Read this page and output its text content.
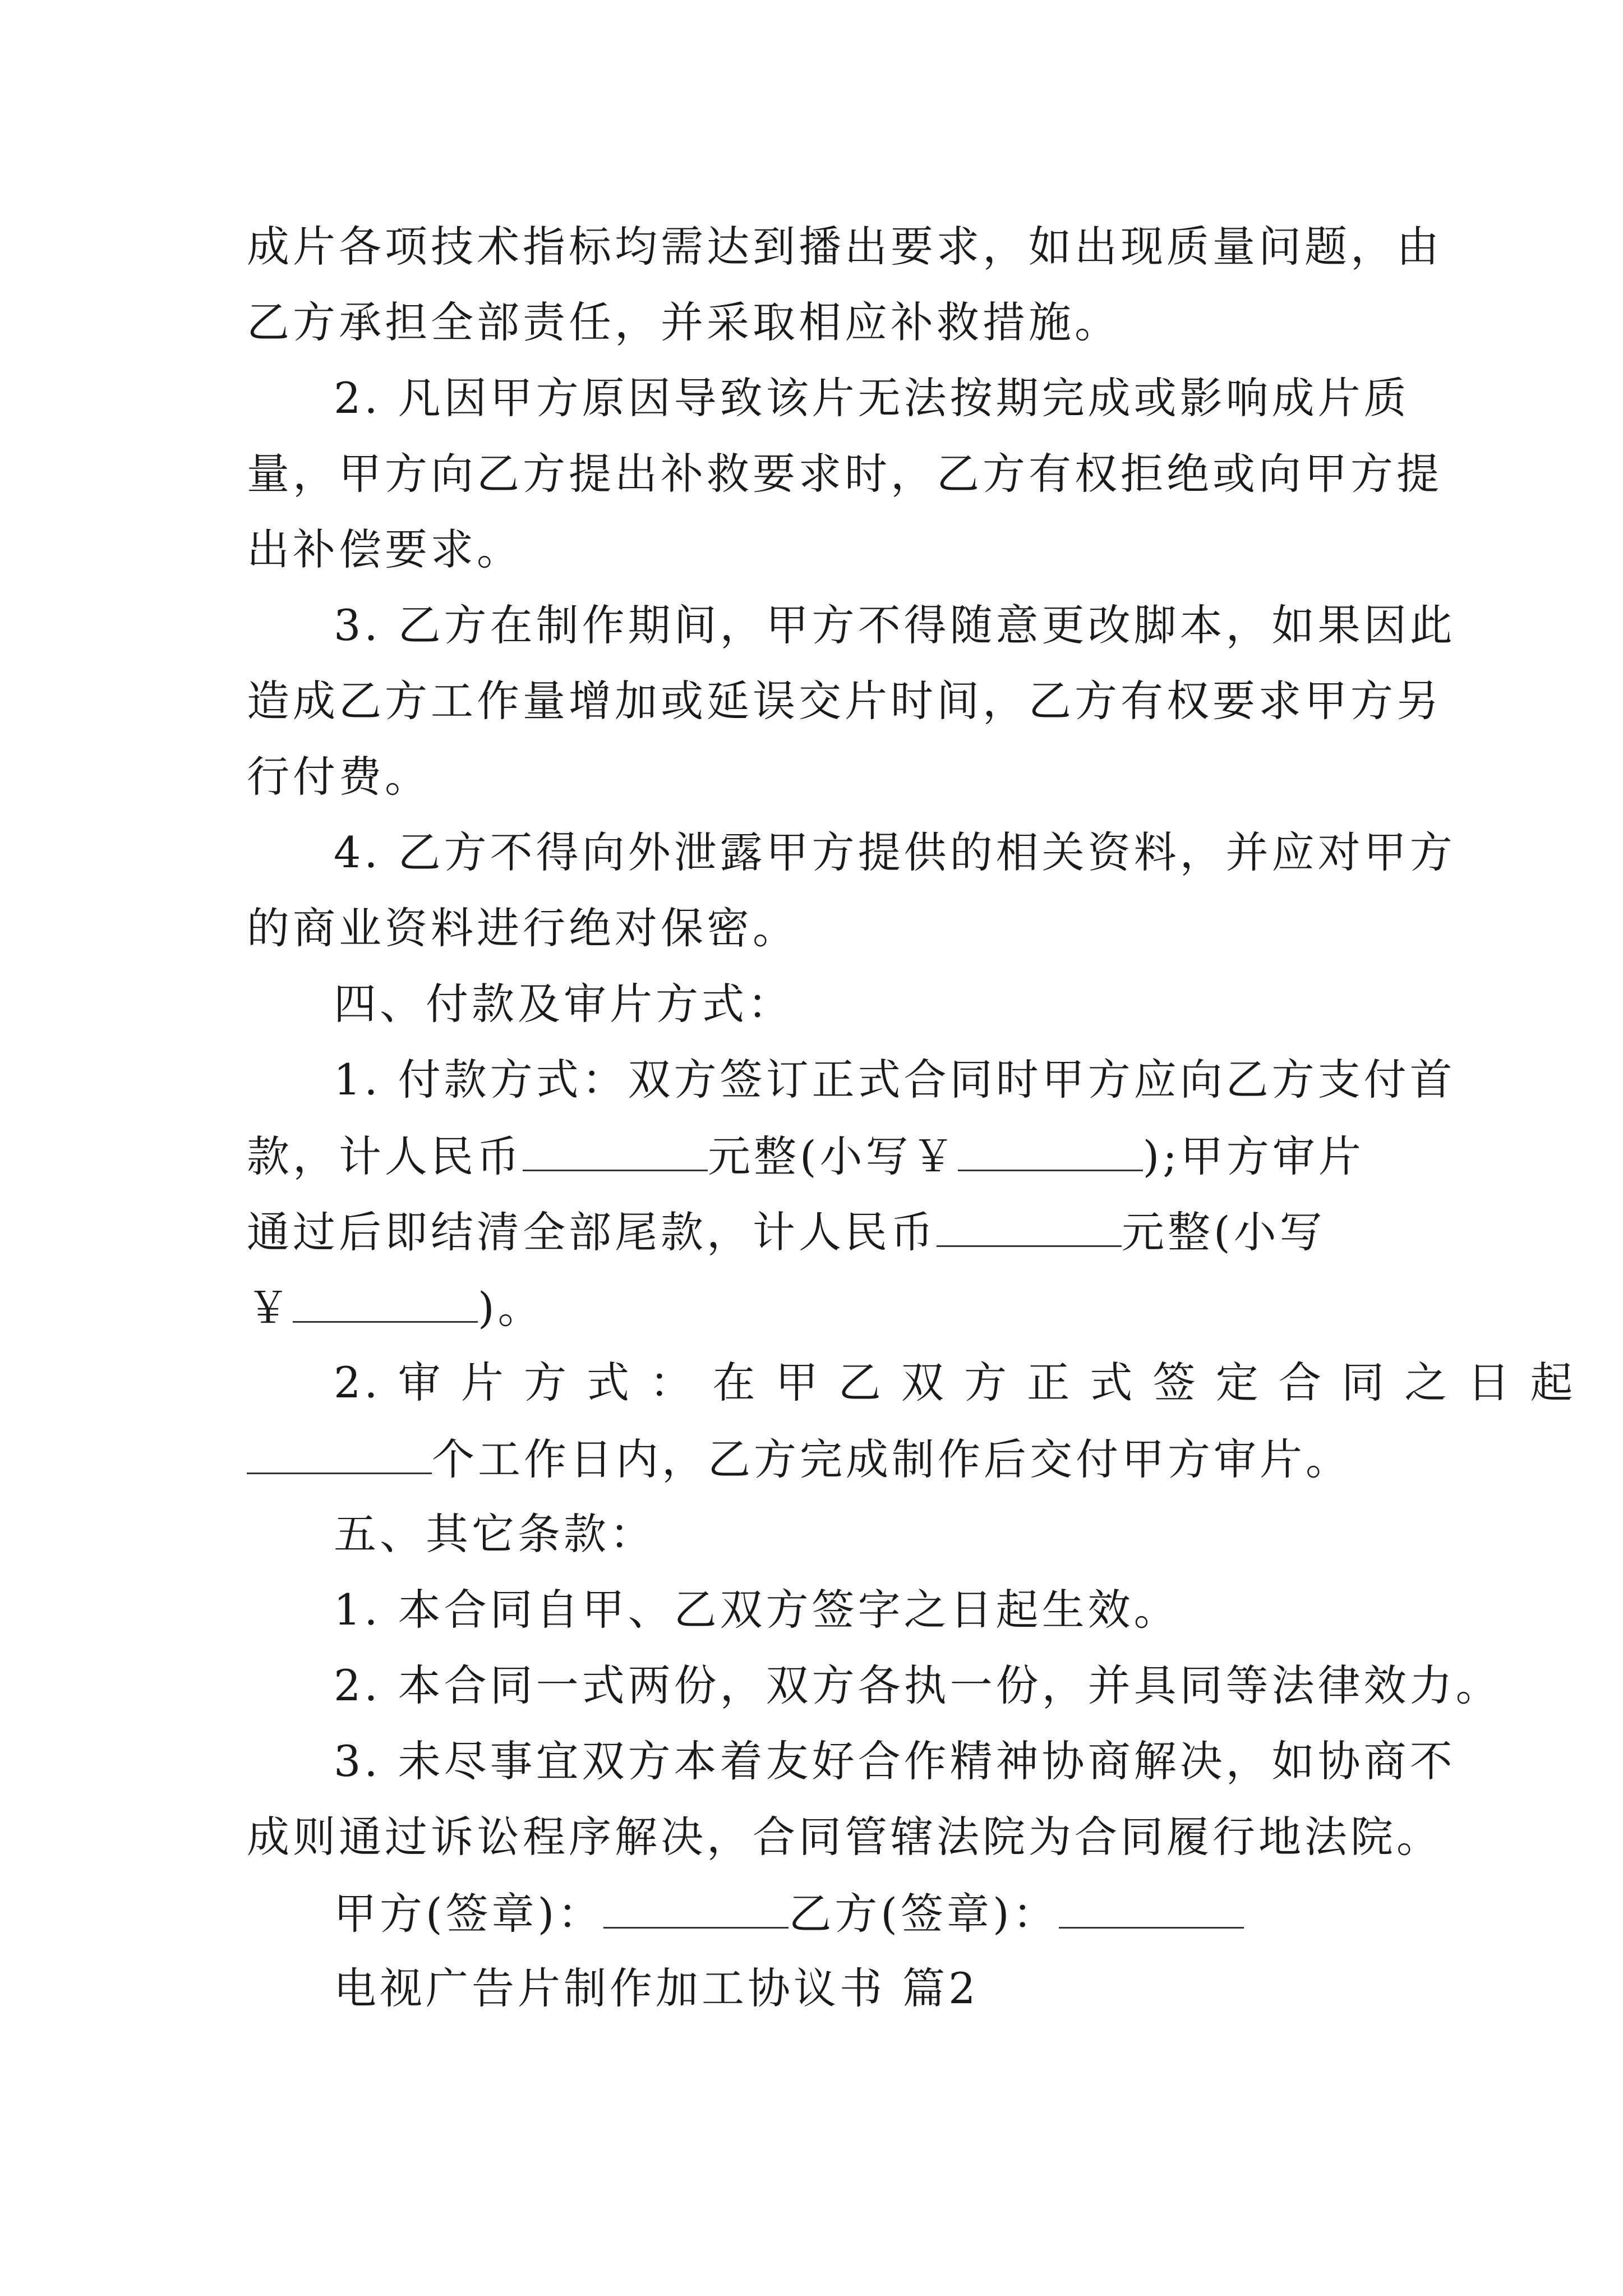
成片各项技术指标均需达到播出要求，如出现质量问题，由
乙方承担全部责任，并采取相应补救措施。
2. 凡因甲方原因导致该片无法按期完成或影响成片质
量，甲方向乙方提出补救要求时，乙方有权拒绝或向甲方提
出补偿要求。
3. 乙方在制作期间，甲方不得随意更改脚本，如果因此
造成乙方工作量增加或延误交片时间，乙方有权要求甲方另
行付费。
4. 乙方不得向外泄露甲方提供的相关资料，并应对甲方
的商业资料进行绝对保密。
四、付款及审片方式：
1. 付款方式：双方签订正式合同时甲方应向乙方支付首
款，计人民币	元整(小写￥	);甲方审片
通过后即结清全部尾款，计人民币	元整(小写
￥	)。
2. 审 片 方 式 ： 在 甲 乙 双 方 正 式 签 定 合 同 之 日 起
个工作日内，乙方完成制作后交付甲方审片。
五、其它条款：
1. 本合同自甲、乙双方签字之日起生效。
2. 本合同一式两份，双方各执一份，并具同等法律效力。
3. 未尽事宜双方本着友好合作精神协商解决，如协商不
成则通过诉讼程序解决，合同管辖法院为合同履行地法院。
甲方(签章)：	乙方(签章)：
电视广告片制作加工协议书 篇2
